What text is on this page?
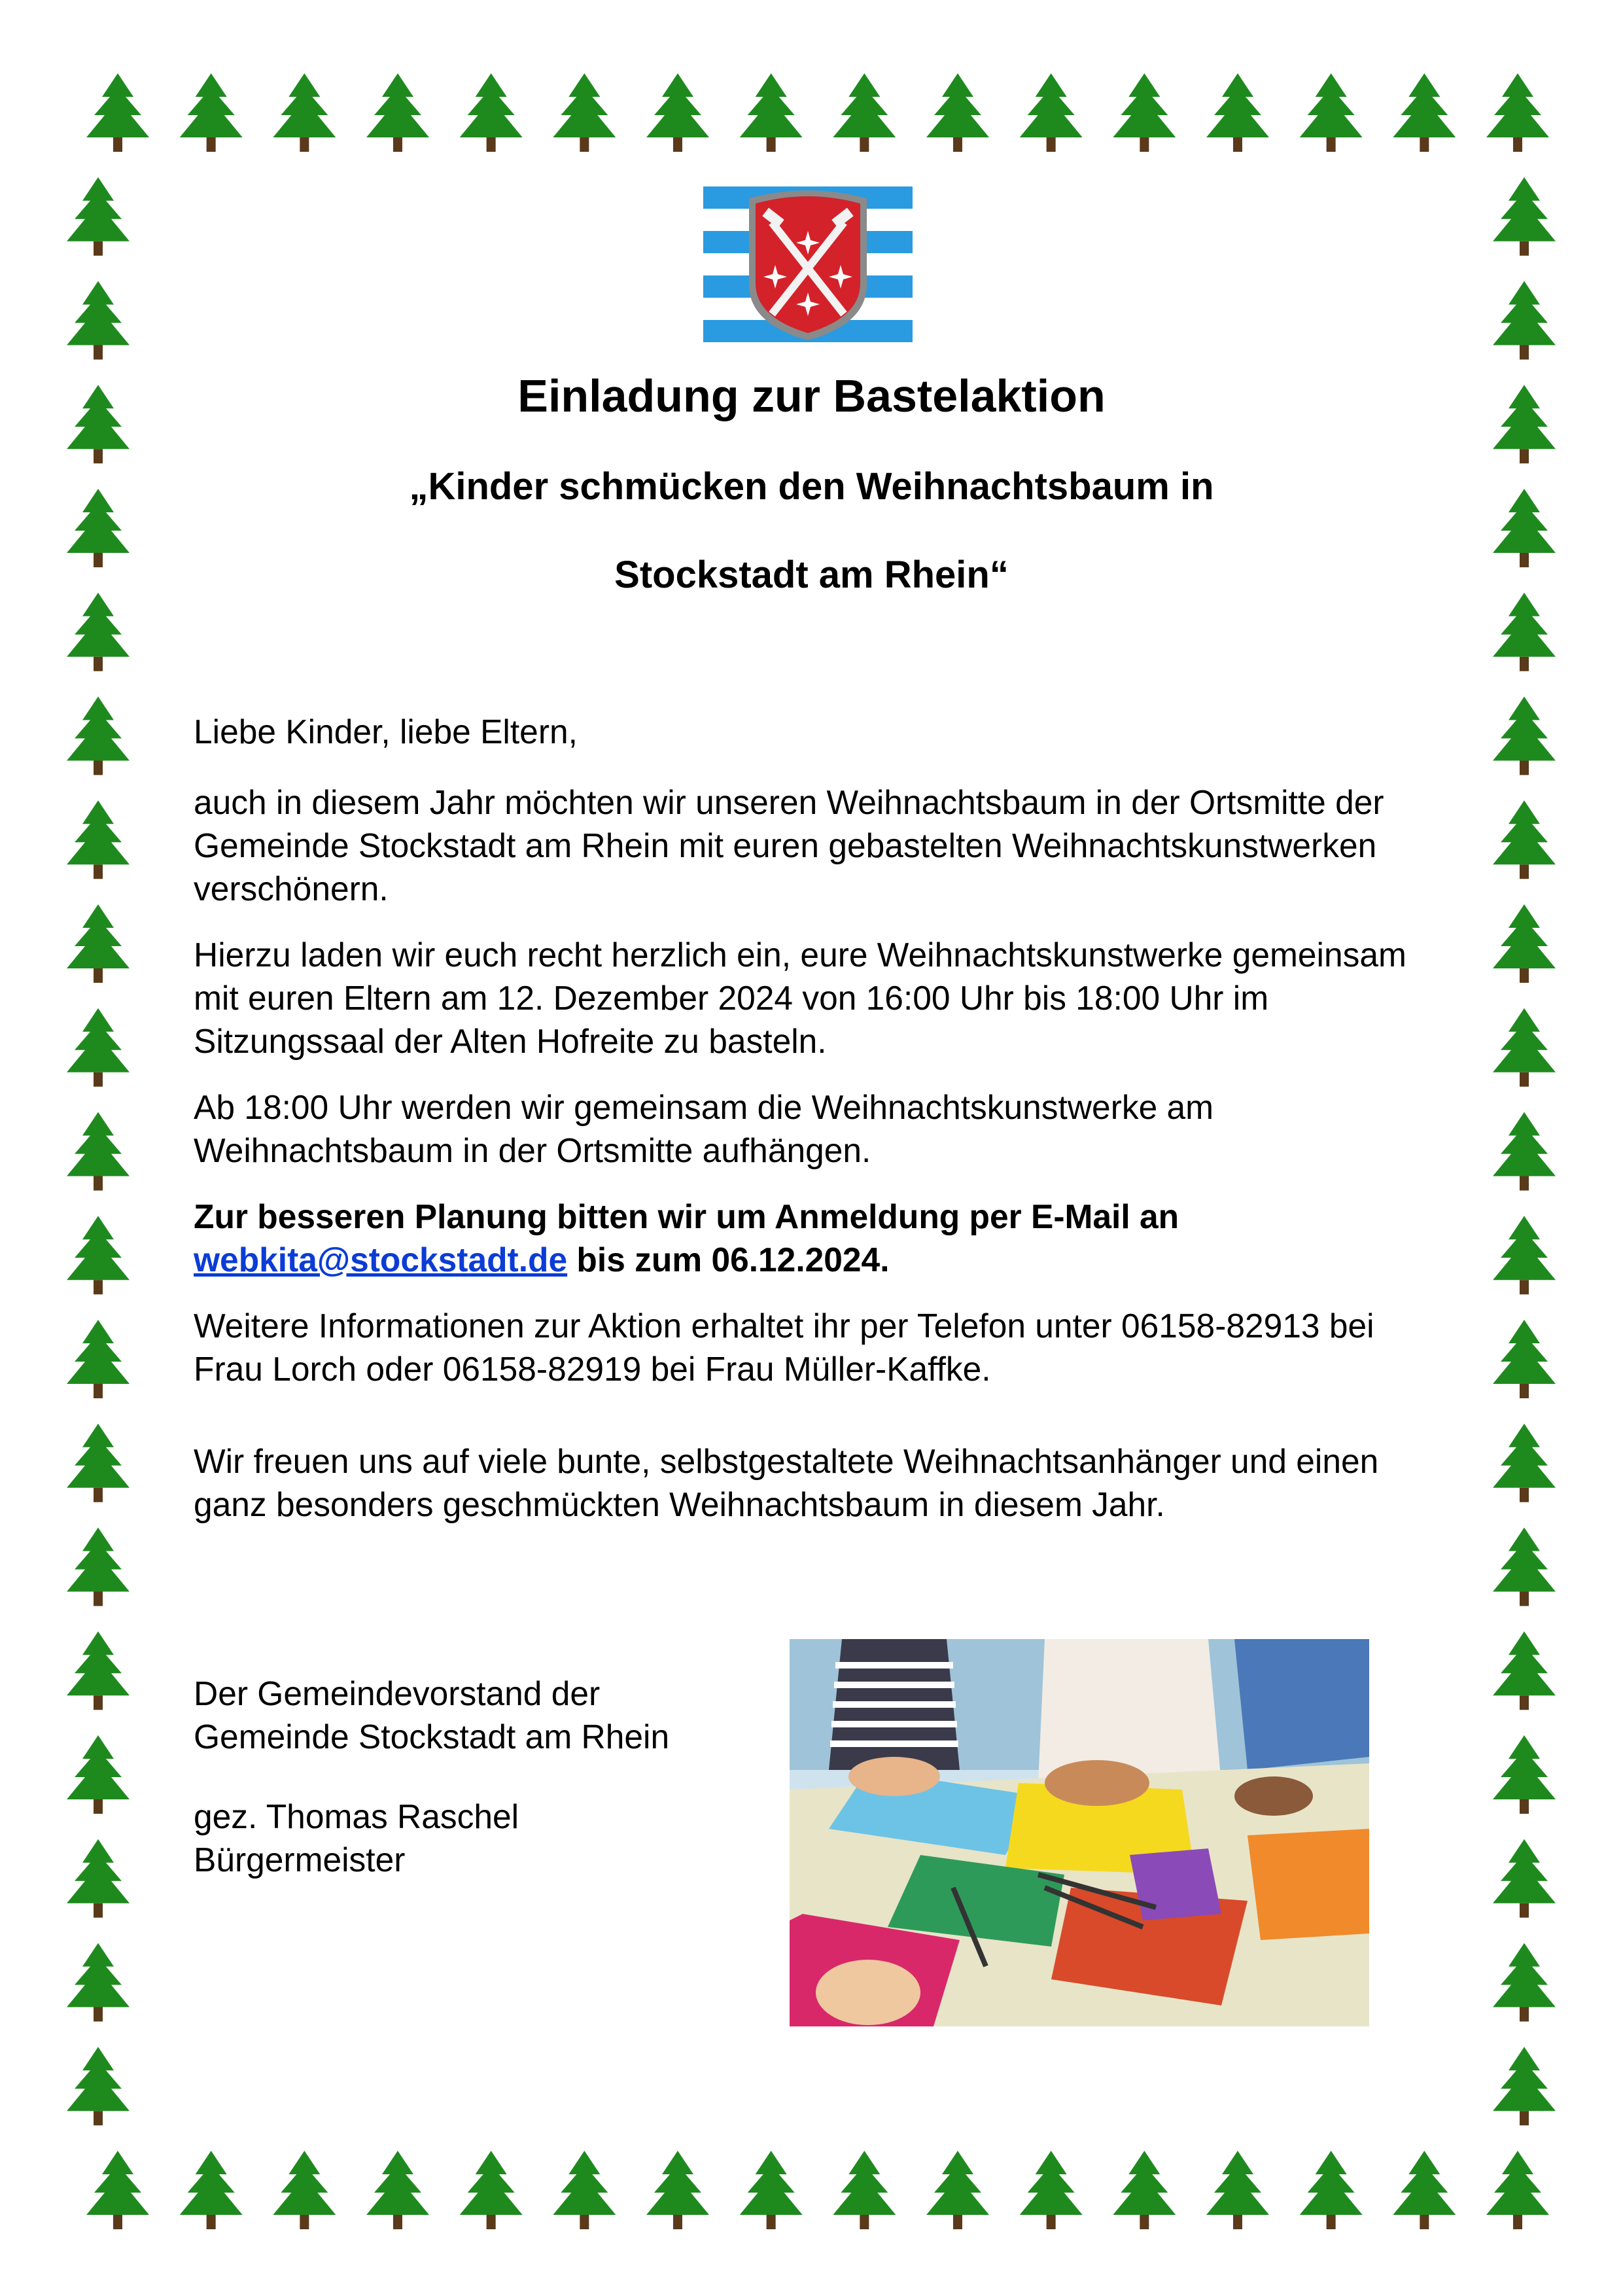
Einladung zur Bastelaktion
„Kinder schmücken den Weihnachtsbaum in
Stockstadt am Rhein“

Liebe Kinder, liebe Eltern,

auch in diesem Jahr möchten wir unseren Weihnachtsbaum in der Ortsmitte der Gemeinde Stockstadt am Rhein mit euren gebastelten Weihnachtskunstwerken verschönern.

Hierzu laden wir euch recht herzlich ein, eure Weihnachtskunstwerke gemeinsam mit euren Eltern am 12. Dezember 2024 von 16:00 Uhr bis 18:00 Uhr im Sitzungssaal der Alten Hofreite zu basteln.

Ab 18:00 Uhr werden wir gemeinsam die Weihnachtskunstwerke am Weihnachtsbaum in der Ortsmitte aufhängen.

Zur besseren Planung bitten wir um Anmeldung per E-Mail an webkita@stockstadt.de bis zum 06.12.2024.

Weitere Informationen zur Aktion erhaltet ihr per Telefon unter 06158-82913 bei Frau Lorch oder 06158-82919 bei Frau Müller-Kaffke.

Wir freuen uns auf viele bunte, selbstgestaltete Weihnachtsanhänger und einen ganz besonders geschmückten Weihnachtsbaum in diesem Jahr.

Der Gemeindevorstand der
Gemeinde Stockstadt am Rhein

gez. Thomas Raschel
Bürgermeister
